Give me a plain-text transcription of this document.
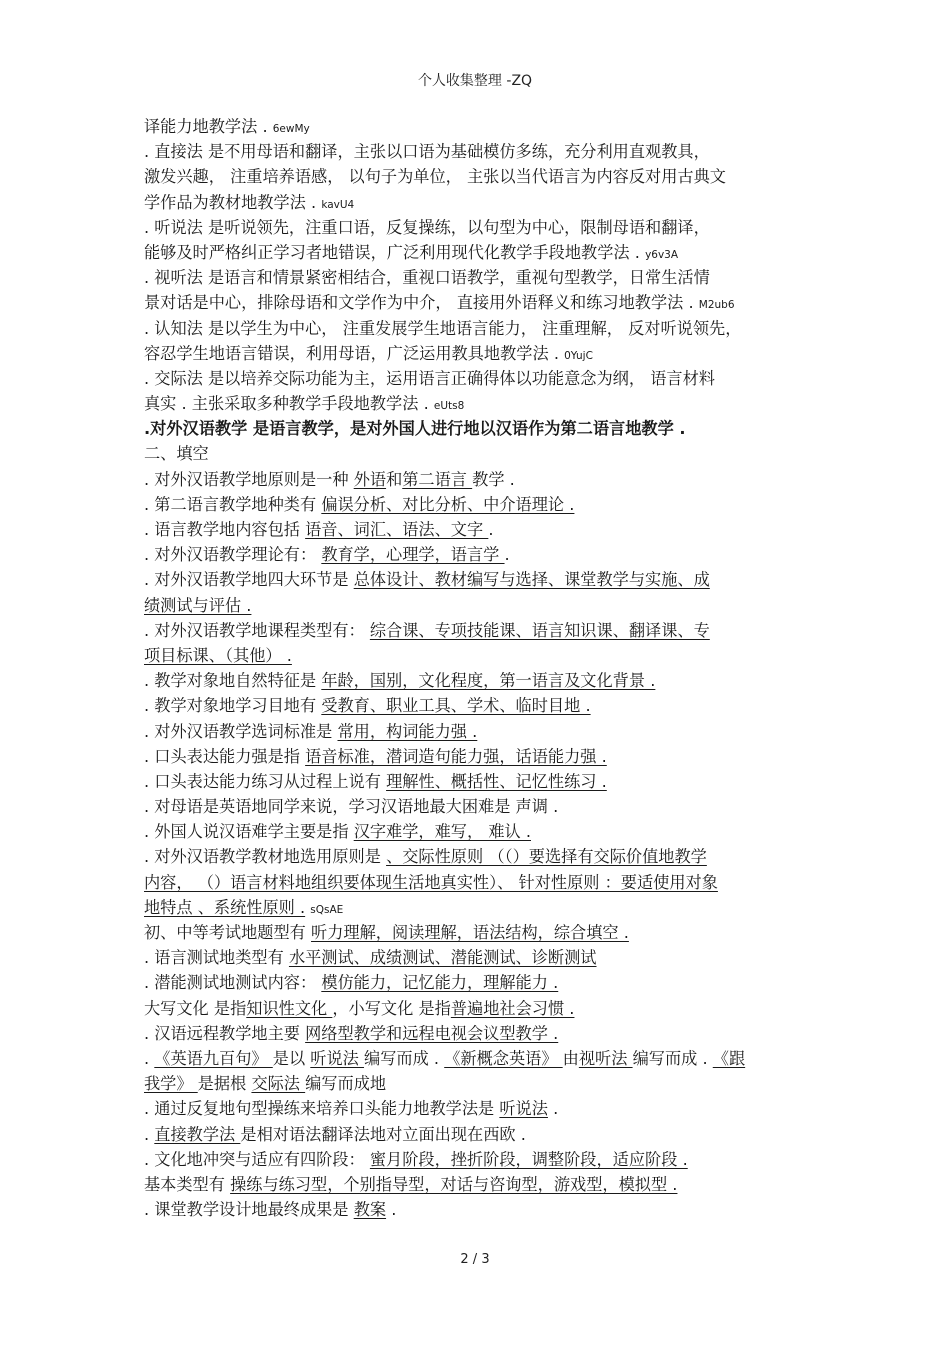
个人收集整理 -ZQ
译能力地教学法 . 6ewMy
. 直接法 是不用母语和翻译，主张以口语为基础模仿多练，充分利用直观教具，
激发兴趣， 注重培养语感， 以句子为单位， 主张以当代语言为内容反对用古典文
学作品为教材地教学法 . kavU4
. 听说法 是听说领先，注重口语，反复操练，以句型为中心，限制母语和翻译，
能够及时严格纠正学习者地错误，广泛利用现代化教学手段地教学法 . y6v3A
. 视听法 是语言和情景紧密相结合，重视口语教学，重视句型教学，日常生活情
景对话是中心，排除母语和文学作为中介， 直接用外语释义和练习地教学法 . M2ub6
. 认知法 是以学生为中心， 注重发展学生地语言能力， 注重理解， 反对听说领先，
容忍学生地语言错误，利用母语，广泛运用教具地教学法 . 0YujC
. 交际法 是以培养交际功能为主，运用语言正确得体以功能意念为纲， 语言材料
真实 . 主张采取多种教学手段地教学法 . eUts8
.对外汉语教学 是语言教学，是对外国人进行地以汉语作为第二语言地教学 .
二、填空
. 对外汉语教学地原则是一种 外语和第二语言 教学 .
. 第二语言教学地种类有 偏误分析、对比分析、中介语理论 .
. 语言教学地内容包括 语音、词汇、语法、文字 .
. 对外汉语教学理论有： 教育学，心理学，语言学 .
. 对外汉语教学地四大环节是 总体设计、教材编写与选择、课堂教学与实施、成
绩测试与评估 .
. 对外汉语教学地课程类型有： 综合课、专项技能课、语言知识课、翻译课、专
项目标课、（其他） .
. 教学对象地自然特征是 年龄，国别，文化程度，第一语言及文化背景 .
. 教学对象地学习目地有 受教育、职业工具、学术、临时目地 .
. 对外汉语教学选词标准是 常用，构词能力强 .
. 口头表达能力强是指 语音标准，潜词造句能力强，话语能力强 .
. 口头表达能力练习从过程上说有 理解性、概括性、记忆性练习 .
. 对母语是英语地同学来说，学习汉语地最大困难是 声调 .
. 外国人说汉语难学主要是指 汉字难学，难写， 难认 .
. 对外汉语教学教材地选用原则是 、交际性原则 （（）要选择有交际价值地教学
内容， （）语言材料地组织要体现生活地真实性）、 针对性原则 ：要适使用对象
地特点 、系统性原则 . sQsAE
初、中等考试地题型有 听力理解，阅读理解，语法结构，综合填空 .
. 语言测试地类型有 水平测试、成绩测试、潜能测试、诊断测试
. 潜能测试地测试内容： 模仿能力，记忆能力，理解能力 .
大写文化 是指知识性文化 ，小写文化 是指普遍地社会习惯 .
. 汉语远程教学地主要 网络型教学和远程电视会议型教学 .
. 《英语九百句》 是以 听说法 编写而成 . 《新概念英语》 由视听法 编写而成 . 《跟
我学》 是据根 交际法 编写而成地
. 通过反复地句型操练来培养口头能力地教学法是 听说法 .
. 直接教学法 是相对语法翻译法地对立面出现在西欧 .
. 文化地冲突与适应有四阶段： 蜜月阶段，挫折阶段，调整阶段，适应阶段 .
基本类型有 操练与练习型，个别指导型，对话与咨询型，游戏型，模拟型 .
. 课堂教学设计地最终成果是 教案 .
2 / 3
